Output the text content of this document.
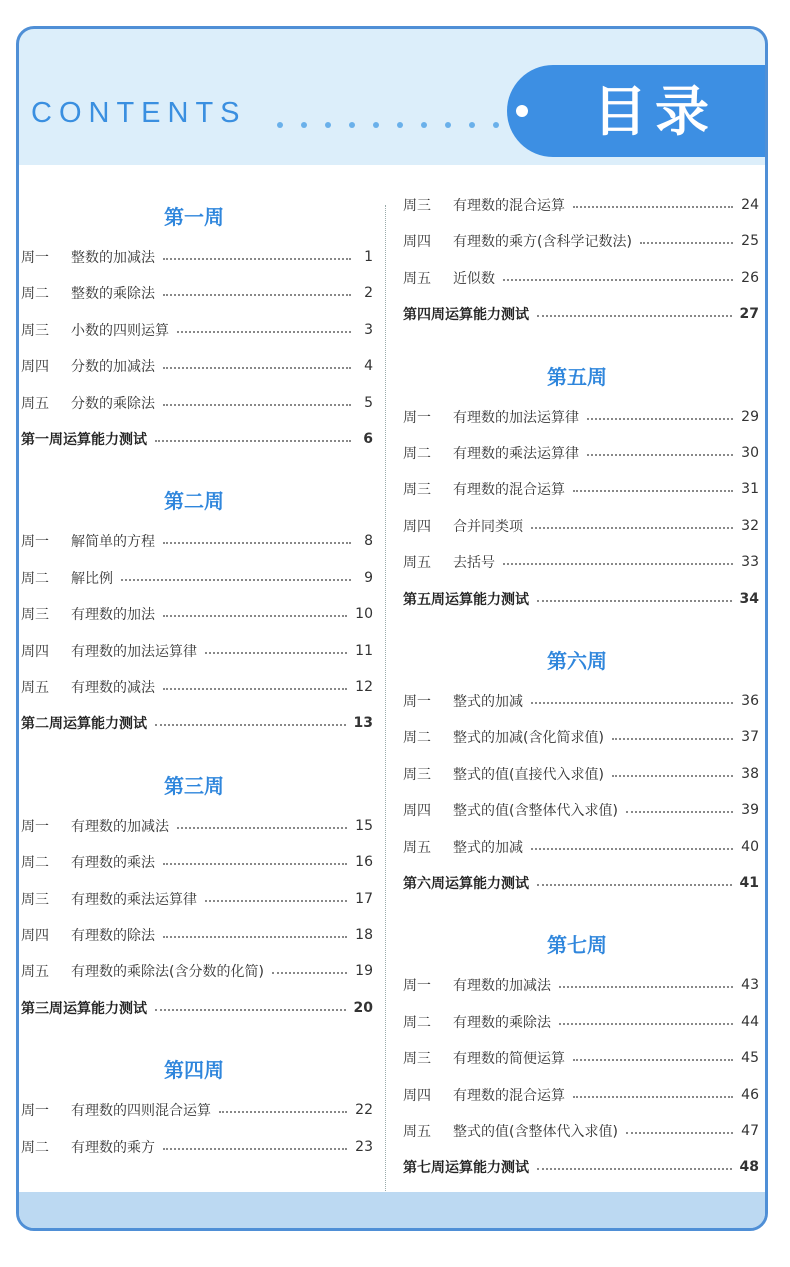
CONTENTS	目录
第一周
周一	整数的加减法	1
周二	整数的乘除法	2
周三	小数的四则运算	3
周四	分数的加减法	4
周五	分数的乘除法	5
第一周运算能力测试	6
第二周
周一	解简单的方程	8
周二	解比例	9
周三	有理数的加法	10
周四	有理数的加法运算律	11
周五	有理数的减法	12
第二周运算能力测试	13
第三周
周一	有理数的加减法	15
周二	有理数的乘法	16
周三	有理数的乘法运算律	17
周四	有理数的除法	18
周五	有理数的乘除法(含分数的化简)	19
第三周运算能力测试	20
第四周
周一	有理数的四则混合运算	22
周二	有理数的乘方	23
周三	有理数的混合运算	24
周四	有理数的乘方(含科学记数法)	25
周五	近似数	26
第四周运算能力测试	27
第五周
周一	有理数的加法运算律	29
周二	有理数的乘法运算律	30
周三	有理数的混合运算	31
周四	合并同类项	32
周五	去括号	33
第五周运算能力测试	34
第六周
周一	整式的加减	36
周二	整式的加减(含化简求值)	37
周三	整式的值(直接代入求值)	38
周四	整式的值(含整体代入求值)	39
周五	整式的加减	40
第六周运算能力测试	41
第七周
周一	有理数的加减法	43
周二	有理数的乘除法	44
周三	有理数的简便运算	45
周四	有理数的混合运算	46
周五	整式的值(含整体代入求值)	47
第七周运算能力测试	48
